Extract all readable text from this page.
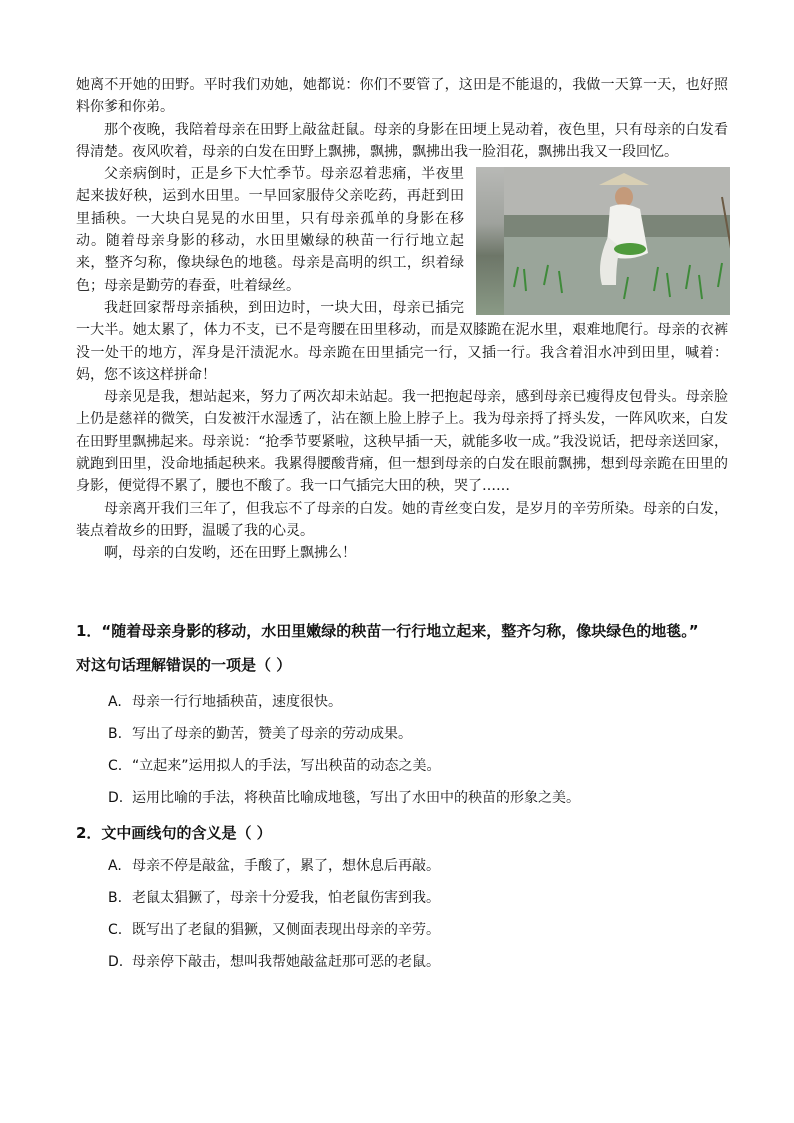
她离不开她的田野。平时我们劝她，她都说：你们不要管了，这田是不能退的，我做一天算一天，也好照料你爹和你弟。

那个夜晚，我陪着母亲在田野上敲盆赶鼠。母亲的身影在田埂上晃动着，夜色里，只有母亲的白发看得清楚。夜风吹着，母亲的白发在田野上飘拂，飘拂，飘拂出我一脸泪花，飘拂出我又一段回忆。

父亲病倒时，正是乡下大忙季节。母亲忍着悲痛，半夜里起来拔好秧，运到水田里。一早回家服侍父亲吃药，再赶到田里插秧。一大块白晃晃的水田里，只有母亲孤单的身影在移动。随着母亲身影的移动，水田里嫩绿的秧苗一行行地立起来，整齐匀称，像块绿色的地毯。母亲是高明的织工，织着绿色；母亲是勤劳的春蚕，吐着绿丝。

我赶回家帮母亲插秧，到田边时，一块大田，母亲已插完一大半。她太累了，体力不支，已不是弯腰在田里移动，而是双膝跪在泥水里，艰难地爬行。母亲的衣裤没一处干的地方，浑身是汗渍泥水。母亲跪在田里插完一行，又插一行。我含着泪水冲到田里，喊着：妈，您不该这样拼命！

母亲见是我，想站起来，努力了两次却未站起。我一把抱起母亲，感到母亲已瘦得皮包骨头。母亲脸上仍是慈祥的微笑，白发被汗水湿透了，沾在额上脸上脖子上。我为母亲捋了捋头发，一阵风吹来，白发在田野里飘拂起来。母亲说：“抢季节要紧啦，这秧早插一天，就能多收一成。”我没说话，把母亲送回家，就跑到田里，没命地插起秧来。我累得腰酸背痛，但一想到母亲的白发在眼前飘拂，想到母亲跪在田里的身影，便觉得不累了，腰也不酸了。我一口气插完大田的秧，哭了……

母亲离开我们三年了，但我忘不了母亲的白发。她的青丝变白发，是岁月的辛劳所染。母亲的白发，装点着故乡的田野，温暖了我的心灵。

啊，母亲的白发哟，还在田野上飘拂么！

1．“随着母亲身影的移动，水田里嫩绿的秧苗一行行地立起来，整齐匀称，像块绿色的地毯。”

对这句话理解错误的一项是（ ）

A. 母亲一行行地插秧苗，速度很快。

B. 写出了母亲的勤苦，赞美了母亲的劳动成果。

C. “立起来”运用拟人的手法，写出秧苗的动态之美。

D. 运用比喻的手法，将秧苗比喻成地毯，写出了水田中的秧苗的形象之美。

2．文中画线句的含义是（ ）

A. 母亲不停是敲盆，手酸了，累了，想休息后再敲。

B. 老鼠太猖獗了，母亲十分爱我，怕老鼠伤害到我。

C. 既写出了老鼠的猖獗，又侧面表现出母亲的辛劳。

D. 母亲停下敲击，想叫我帮她敲盆赶那可恶的老鼠。
